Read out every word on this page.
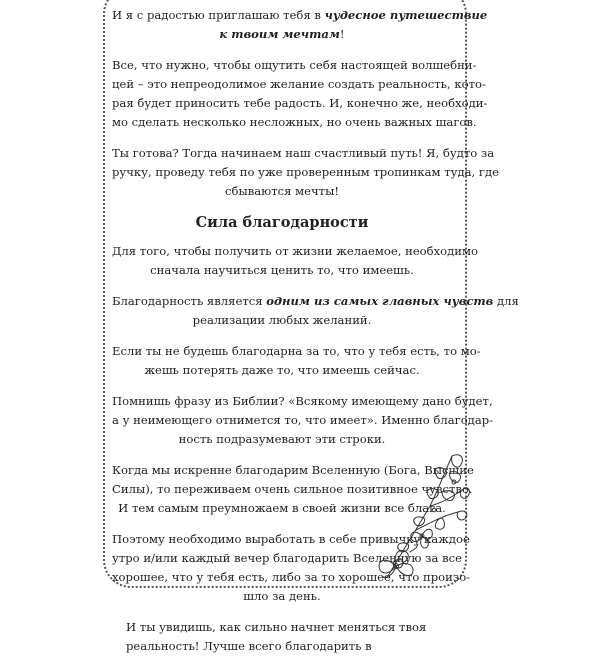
И я с радостью приглашаю тебя в чудесное путешествие
к твоим мечтам!

Все, что нужно, чтобы ощутить себя настоящей волшебни-
цей – это непреодолимое желание создать реальность, кото-
рая будет приносить тебе радость. И, конечно же, необходи-
мо сделать несколько несложных, но очень важных шагов.

Ты готова? Тогда начинаем наш счастливый путь! Я, будто за
ручку, проведу тебя по уже проверенным тропинкам туда, где
сбываются мечты!

Сила благодарности

Для того, чтобы получить от жизни желаемое, необходимо
сначала научиться ценить то, что имеешь.

Благодарность является одним из самых главных чувств для
реализации любых желаний.

Если ты не будешь благодарна за то, что у тебя есть, то мо-
жешь потерять даже то, что имеешь сейчас.

Помнишь фразу из Библии? «Всякому имеющему дано будет,
а у неимеющего отнимется то, что имеет». Именно благодар-
ность подразумевают эти строки.

Когда мы искренне благодарим Вселенную (Бога, Высшие
Силы), то переживаем очень сильное позитивное чувство.
И тем самым преумножаем в своей жизни все блага.

Поэтому необходимо выработать в себе привычку каждое
утро и/или каждый вечер благодарить Вселенную за все
хорошее, что у тебя есть, либо за то хорошее, что произо-
шло за день.

И ты увидишь, как сильно начнет меняться твоя
реальность! Лучше всего благодарить в
